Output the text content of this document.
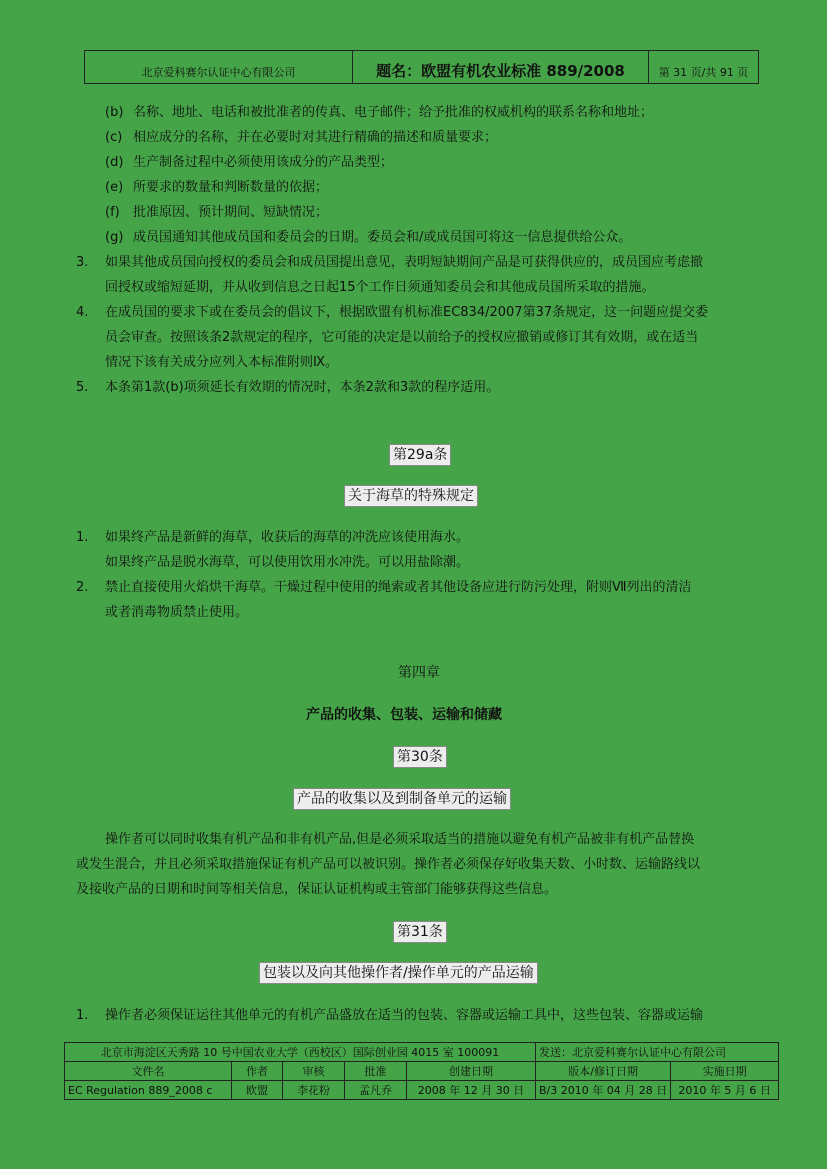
北京爱科赛尔认证中心有限公司	题名：欧盟有机农业标准 889/2008	第 31 页/共 91 页
(b) 名称、地址、电话和被批准者的传真、电子邮件；给予批准的权威机构的联系名称和地址；
(c) 相应成分的名称，并在必要时对其进行精确的描述和质量要求；
(d) 生产制备过程中必须使用该成分的产品类型；
(e) 所要求的数量和判断数量的依据；
(f) 批准原因、预计期间、短缺情况；
(g) 成员国通知其他成员国和委员会的日期。委员会和/或成员国可将这一信息提供给公众。
3. 如果其他成员国向授权的委员会和成员国提出意见，表明短缺期间产品是可获得供应的，成员国应考虑撤
回授权或缩短延期，并从收到信息之日起15个工作日须通知委员会和其他成员国所采取的措施。
4. 在成员国的要求下或在委员会的倡议下，根据欧盟有机标准EC834/2007第37条规定，这一问题应提交委
员会审查。按照该条2款规定的程序，它可能的决定是以前给予的授权应撤销或修订其有效期，或在适当
情况下该有关成分应列入本标准附则Ⅸ。
5. 本条第1款(b)项须延长有效期的情况时，本条2款和3款的程序适用。
第29a条
关于海草的特殊规定
1. 如果终产品是新鲜的海草，收获后的海草的冲洗应该使用海水。
如果终产品是脱水海草，可以使用饮用水冲洗。可以用盐除潮。
2. 禁止直接使用火焰烘干海草。干燥过程中使用的绳索或者其他设备应进行防污处理，附则Ⅶ列出的清洁
或者消毒物质禁止使用。
第四章
产品的收集、包装、运输和储藏
第30条
产品的收集以及到制备单元的运输
操作者可以同时收集有机产品和非有机产品,但是必须采取适当的措施以避免有机产品被非有机产品替换
或发生混合，并且必须采取措施保证有机产品可以被识别。操作者必须保存好收集天数、小时数、运输路线以
及接收产品的日期和时间等相关信息，保证认证机构或主管部门能够获得这些信息。
第31条
包装以及向其他操作者/操作单元的产品运输
1. 操作者必须保证运往其他单元的有机产品盛放在适当的包装、容器或运输工具中，这些包装、容器或运输
北京市海淀区天秀路 10 号中国农业大学（西校区）国际创业园 4015 室 100091					发送：北京爱科赛尔认证中心有限公司	
文件名	作者	审核	批准	创建日期	版本/修订日期	实施日期
EC Regulation 889_2008 c	欧盟	李花粉	孟凡乔	2008 年 12 月 30 日	B/3 2010 年 04 月 28 日	2010 年 5 月 6 日
